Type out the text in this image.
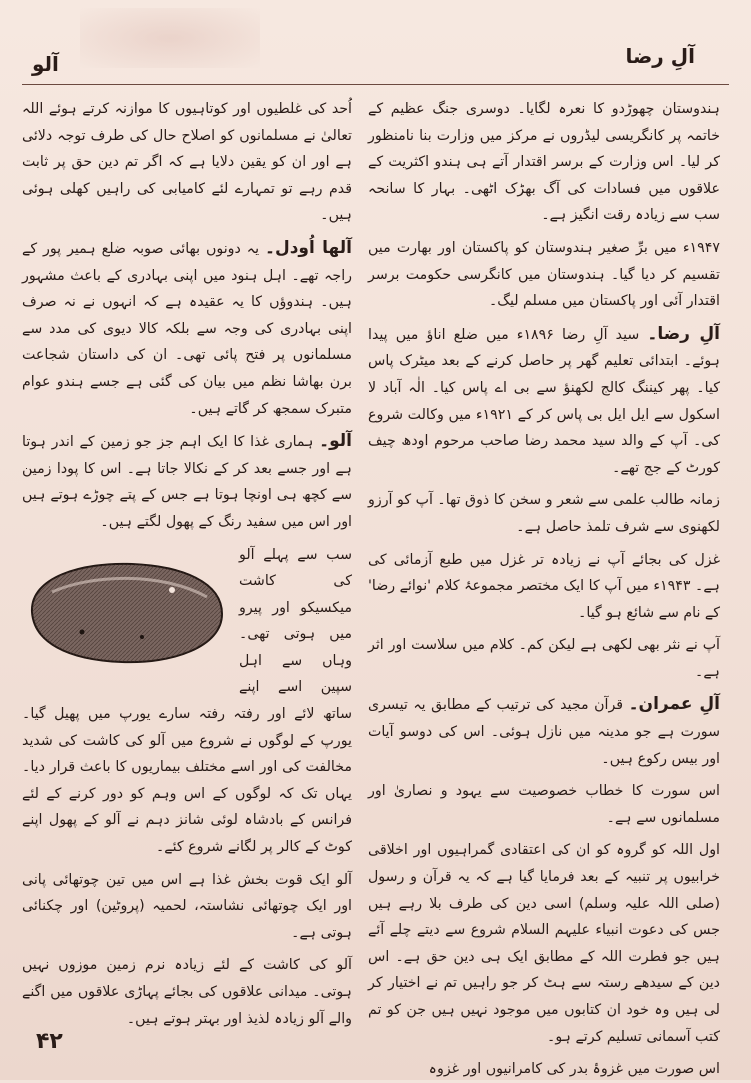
آلو	آلِ رضا

ہندوستان چھوڑدو کا نعرہ لگایا۔ دوسری جنگ عظیم کے خاتمہ پر کانگریسی لیڈروں نے مرکز میں وزارت بنا نامنظور کر لیا۔ اس وزارت کے برسر اقتدار آتے ہی ہندو اکثریت کے علاقوں میں فسادات کی آگ بھڑک اٹھی۔ بہار کا سانحہ سب سے زیادہ رقت انگیز ہے۔

۱۹۴۷ء میں برِّ صغیر ہندوستان کو پاکستان اور بھارت میں تقسیم کر دیا گیا۔ ہندوستان میں کانگرسی حکومت برسر اقتدار آئی اور پاکستان میں مسلم لیگ۔

آلِ رضا۔ سید آلِ رضا ۱۸۹۶ء میں ضلع اناؤ میں پیدا ہوئے۔ ابتدائی تعلیم گھر پر حاصل کرنے کے بعد میٹرک پاس کیا۔ پھر کیننگ کالج لکھنؤ سے بی اے پاس کیا۔ الٰہ آباد لا اسکول سے ایل ایل بی پاس کر کے ۱۹۲۱ء میں وکالت شروع کی۔ آپ کے والد سید محمد رضا صاحب مرحوم اودھ چیف کورٹ کے جج تھے۔

زمانہ طالب علمی سے شعر و سخن کا ذوق تھا۔ آپ کو آرزو لکھنوی سے شرف تلمذ حاصل ہے۔

غزل کی بجائے آپ نے زیادہ تر غزل میں طبع آزمائی کی ہے۔ ۱۹۴۳ء میں آپ کا ایک مختصر مجموعۂ کلام 'نوائے رضا' کے نام سے شائع ہو گیا۔

آپ نے نثر بھی لکھی ہے لیکن کم۔ کلام میں سلاست اور اثر ہے۔

آلِ عمران۔ قرآن مجید کی ترتیب کے مطابق یہ تیسری سورت ہے جو مدینہ میں نازل ہوئی۔ اس کی دوسو آیات اور بیس رکوع ہیں۔

اس سورت کا خطاب خصوصیت سے یہود و نصاریٰ اور مسلمانوں سے ہے۔

اول اللہ کو گروہ کو ان کی اعتقادی گمراہیوں اور اخلاقی خرابیوں پر تنبیہ کے بعد فرمایا گیا ہے کہ یہ قرآن و رسول (صلی اللہ علیہ وسلم) اسی دین کی طرف بلا رہے ہیں جس کی دعوت انبیاء علیہم السلام شروع سے دیتے چلے آئے ہیں جو فطرت اللہ کے مطابق ایک ہی دین حق ہے۔ اس دین کے سیدھے رستہ سے ہٹ کر جو راہیں تم نے اختیار کر لی ہیں وہ خود ان کتابوں میں موجود نہیں ہیں جن کو تم کتب آسمانی تسلیم کرتے ہو۔

اس صورت میں غزوۂ بدر کی کامرانیوں اور غزوہ

اُحد کی غلطیوں اور کوتاہیوں کا موازنہ کرتے ہوئے اللہ تعالیٰ نے مسلمانوں کو اصلاح حال کی طرف توجہ دلائی ہے اور ان کو یقین دلایا ہے کہ اگر تم دین حق پر ثابت قدم رہے تو تمہارے لئے کامیابی کی راہیں کھلی ہوئی ہیں۔

آلھا اُودل۔ یہ دونوں بھائی صوبہ ضلع ہمیر پور کے راجہ تھے۔ اہل ہنود میں اپنی بہادری کے باعث مشہور ہیں۔ ہندوؤں کا یہ عقیدہ ہے کہ انہوں نے نہ صرف اپنی بہادری کی وجہ سے بلکہ کالا دیوی کی مدد سے مسلمانوں پر فتح پائی تھی۔ ان کی داستان شجاعت برن بھاشا نظم میں بیان کی گئی ہے جسے ہندو عوام متبرک سمجھ کر گاتے ہیں۔

آلو۔ ہماری غذا کا ایک اہم جز جو زمین کے اندر ہوتا ہے اور جسے بعد کر کے نکالا جاتا ہے۔ اس کا پودا زمین سے کچھ ہی اونچا ہوتا ہے جس کے پتے چوڑے ہوتے ہیں اور اس میں سفید رنگ کے پھول لگتے ہیں۔

سب سے پہلے آلو کی کاشت میکسیکو اور پیرو میں ہوتی تھی۔ وہاں سے اہل سپین اسے اپنے ساتھ لائے اور رفتہ رفتہ سارے یورپ میں پھیل گیا۔ یورپ کے لوگوں نے شروع میں آلو کی کاشت کی شدید مخالفت کی اور اسے مختلف بیماریوں کا باعث قرار دیا۔ یہاں تک کہ لوگوں کے اس وہم کو دور کرنے کے لئے فرانس کے بادشاہ لوئی شانز دہم نے آلو کے پھول اپنے کوٹ کے کالر پر لگانے شروع کئے۔

آلو ایک قوت بخش غذا ہے اس میں تین چوتھائی پانی اور ایک چوتھائی نشاستہ، لحمیہ (پروٹین) اور چکنائی ہوتی ہے۔

آلو کی کاشت کے لئے زیادہ نرم زمین موزوں نہیں ہوتی۔ میدانی علاقوں کی بجائے پہاڑی علاقوں میں اگنے والے آلو زیادہ لذیذ اور بہتر ہوتے ہیں۔

۴۲
